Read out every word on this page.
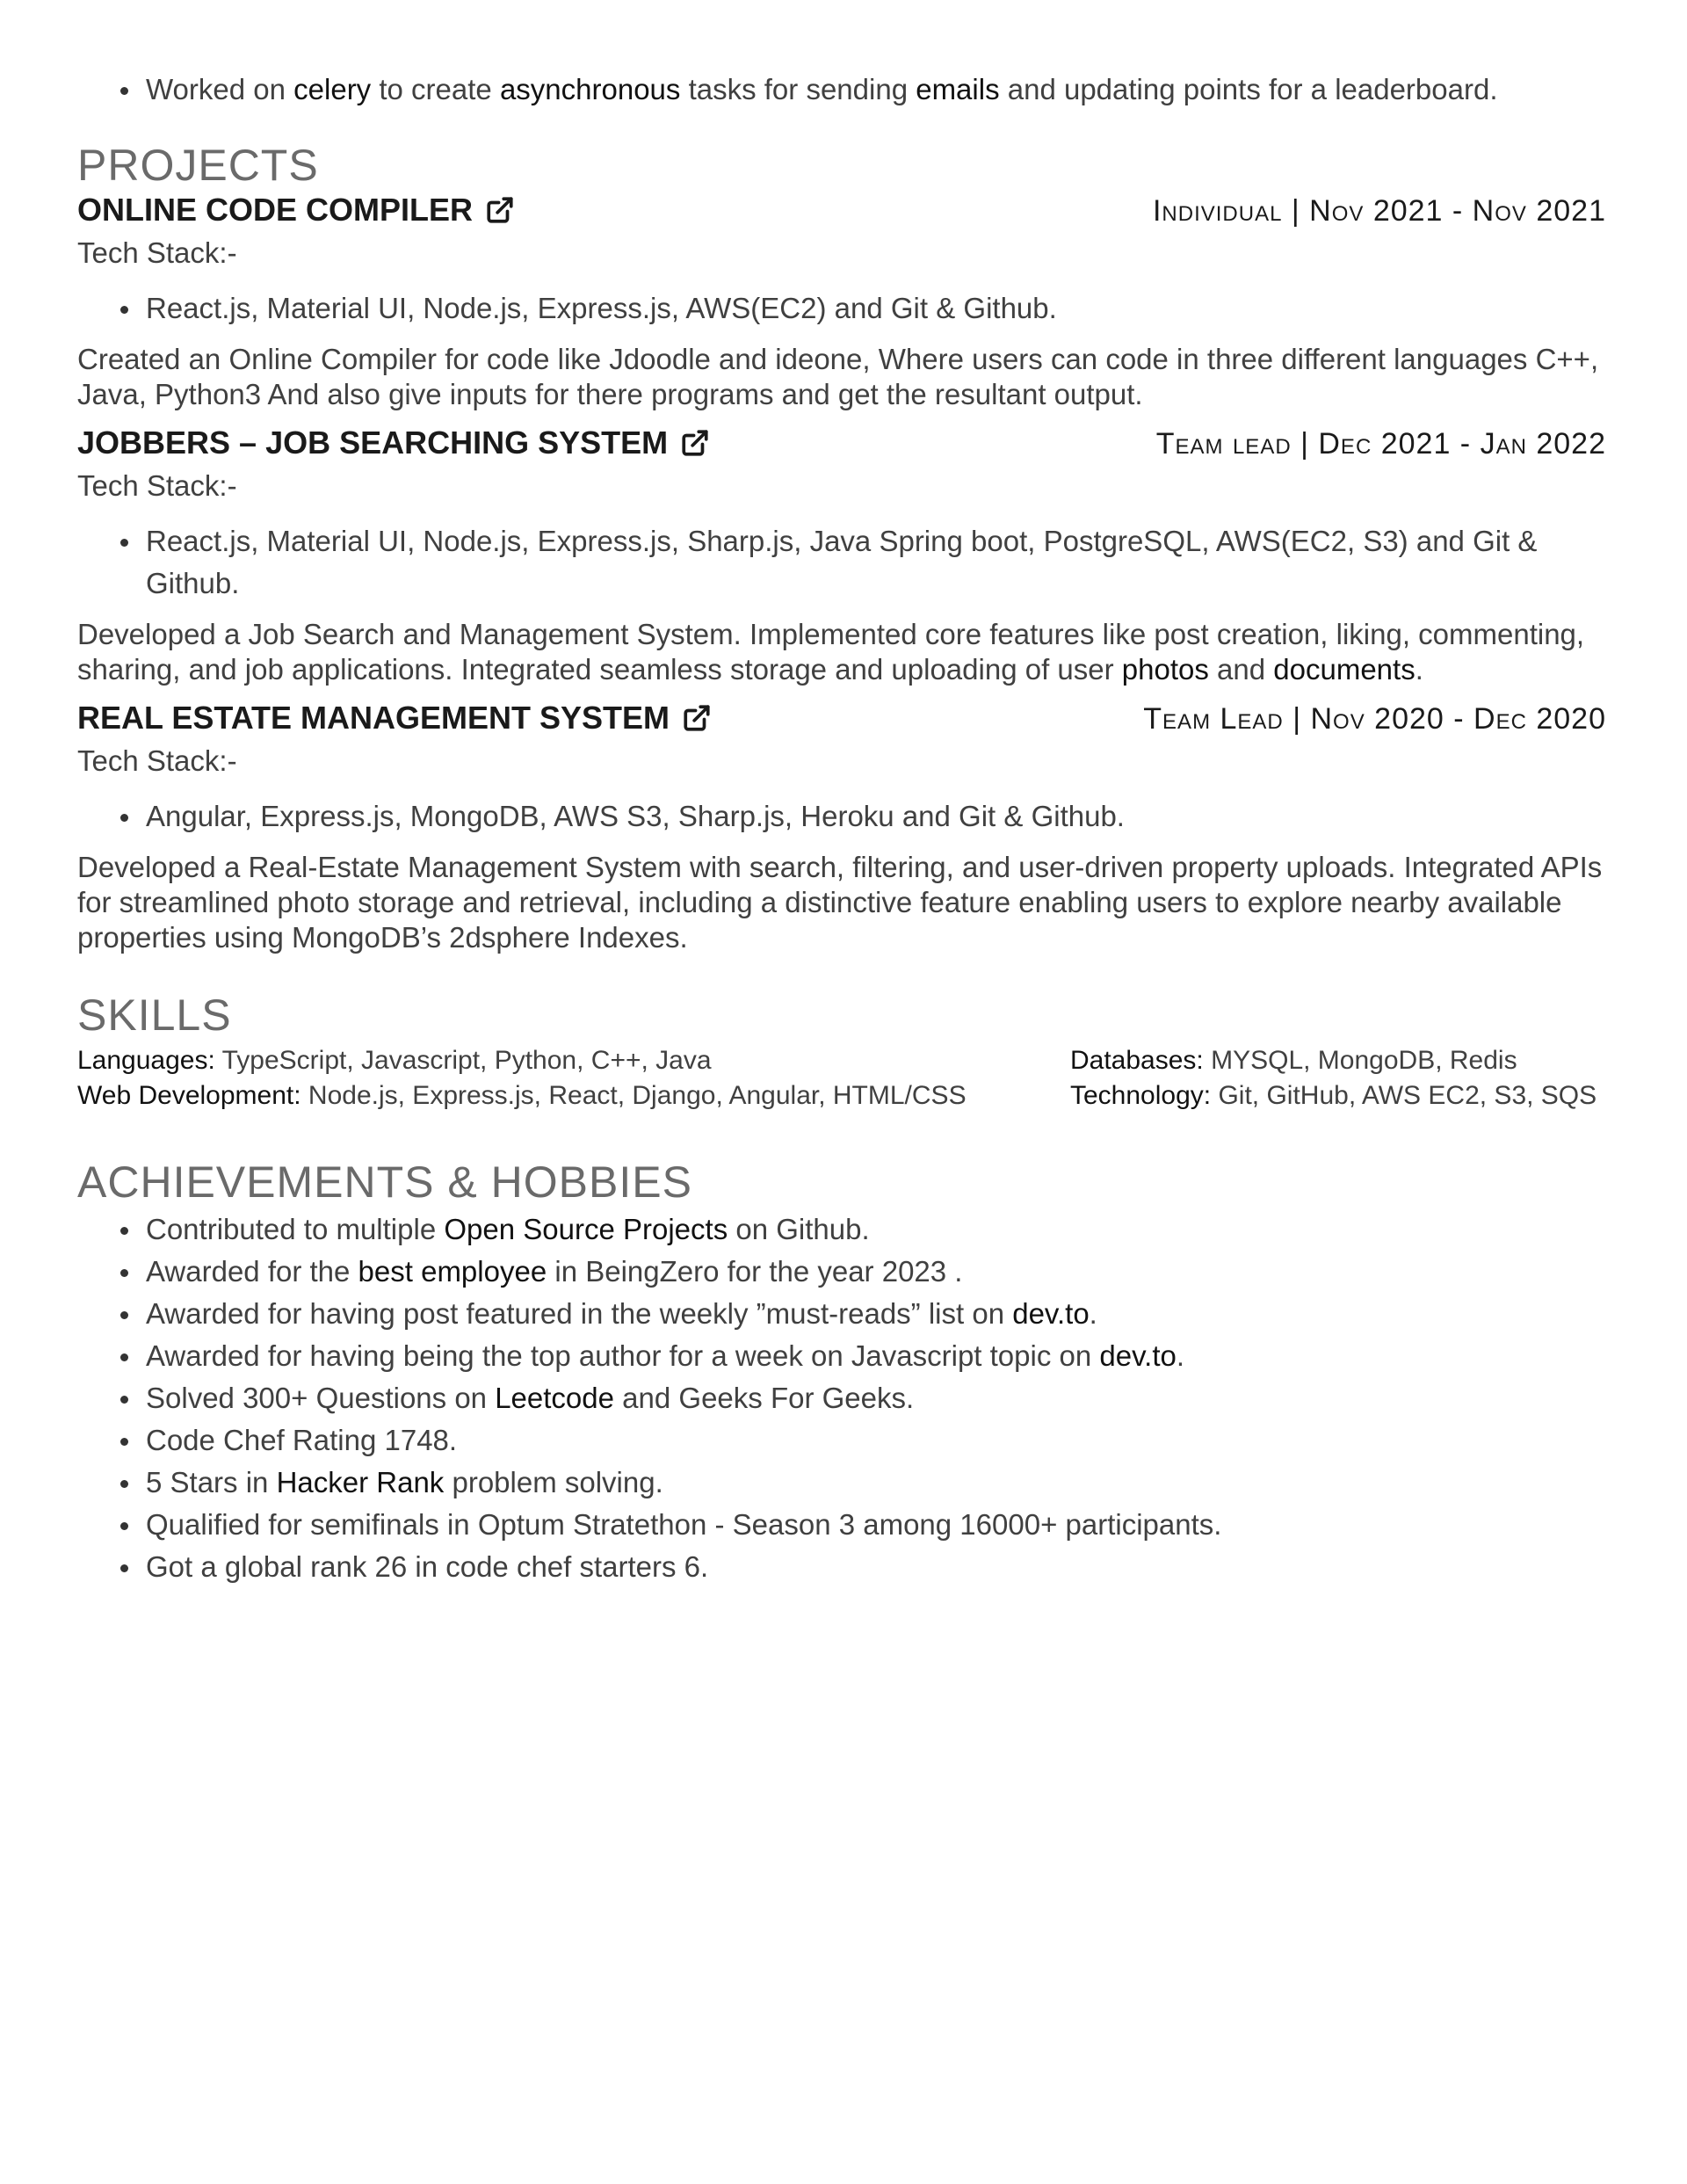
Worked on celery to create asynchronous tasks for sending emails and updating points for a leaderboard.
PROJECTS
ONLINE CODE COMPILER	Individual | Nov 2021 - Nov 2021
Tech Stack:-
React.js, Material UI, Node.js, Express.js, AWS(EC2) and Git & Github.

Created an Online Compiler for code like Jdoodle and ideone, Where users can code in three different languages C++,

Java, Python3 And also give inputs for there programs and get the resultant output.

JOBBERS – JOB SEARCHING SYSTEM	Team lead | Dec 2021 - Jan 2022
Tech Stack:-
React.js, Material UI, Node.js, Express.js, Sharp.js, Java Spring boot, PostgreSQL, AWS(EC2, S3) and Git & Github.

Developed a Job Search and Management System. Implemented core features like post creation, liking, commenting,

sharing, and job applications. Integrated seamless storage and uploading of user photos and documents.

REAL ESTATE MANAGEMENT SYSTEM	Team Lead | Nov 2020 - Dec 2020
Tech Stack:-
Angular, Express.js, MongoDB, AWS S3, Sharp.js, Heroku and Git & Github.

Developed a Real-Estate Management System with search, filtering, and user-driven property uploads. Integrated APIs

for streamlined photo storage and retrieval, including a distinctive feature enabling users to explore nearby available

properties using MongoDB’s 2dsphere Indexes.

SKILLS
Languages: TypeScript, Javascript, Python, C++, Java	Databases: MYSQL, MongoDB, Redis
Web Development: Node.js, Express.js, React, Django, Angular, HTML/CSS	Technology: Git, GitHub, AWS EC2, S3, SQS
ACHIEVEMENTS & HOBBIES
Contributed to multiple Open Source Projects on Github.
Awarded for the best employee in BeingZero for the year 2023 .
Awarded for having post featured in the weekly ”must-reads” list on dev.to.
Awarded for having being the top author for a week on Javascript topic on dev.to.
Solved 300+ Questions on Leetcode and Geeks For Geeks.
Code Chef Rating 1748.
5 Stars in Hacker Rank problem solving.
Qualified for semifinals in Optum Stratethon - Season 3 among 16000+ participants.
Got a global rank 26 in code chef starters 6.
